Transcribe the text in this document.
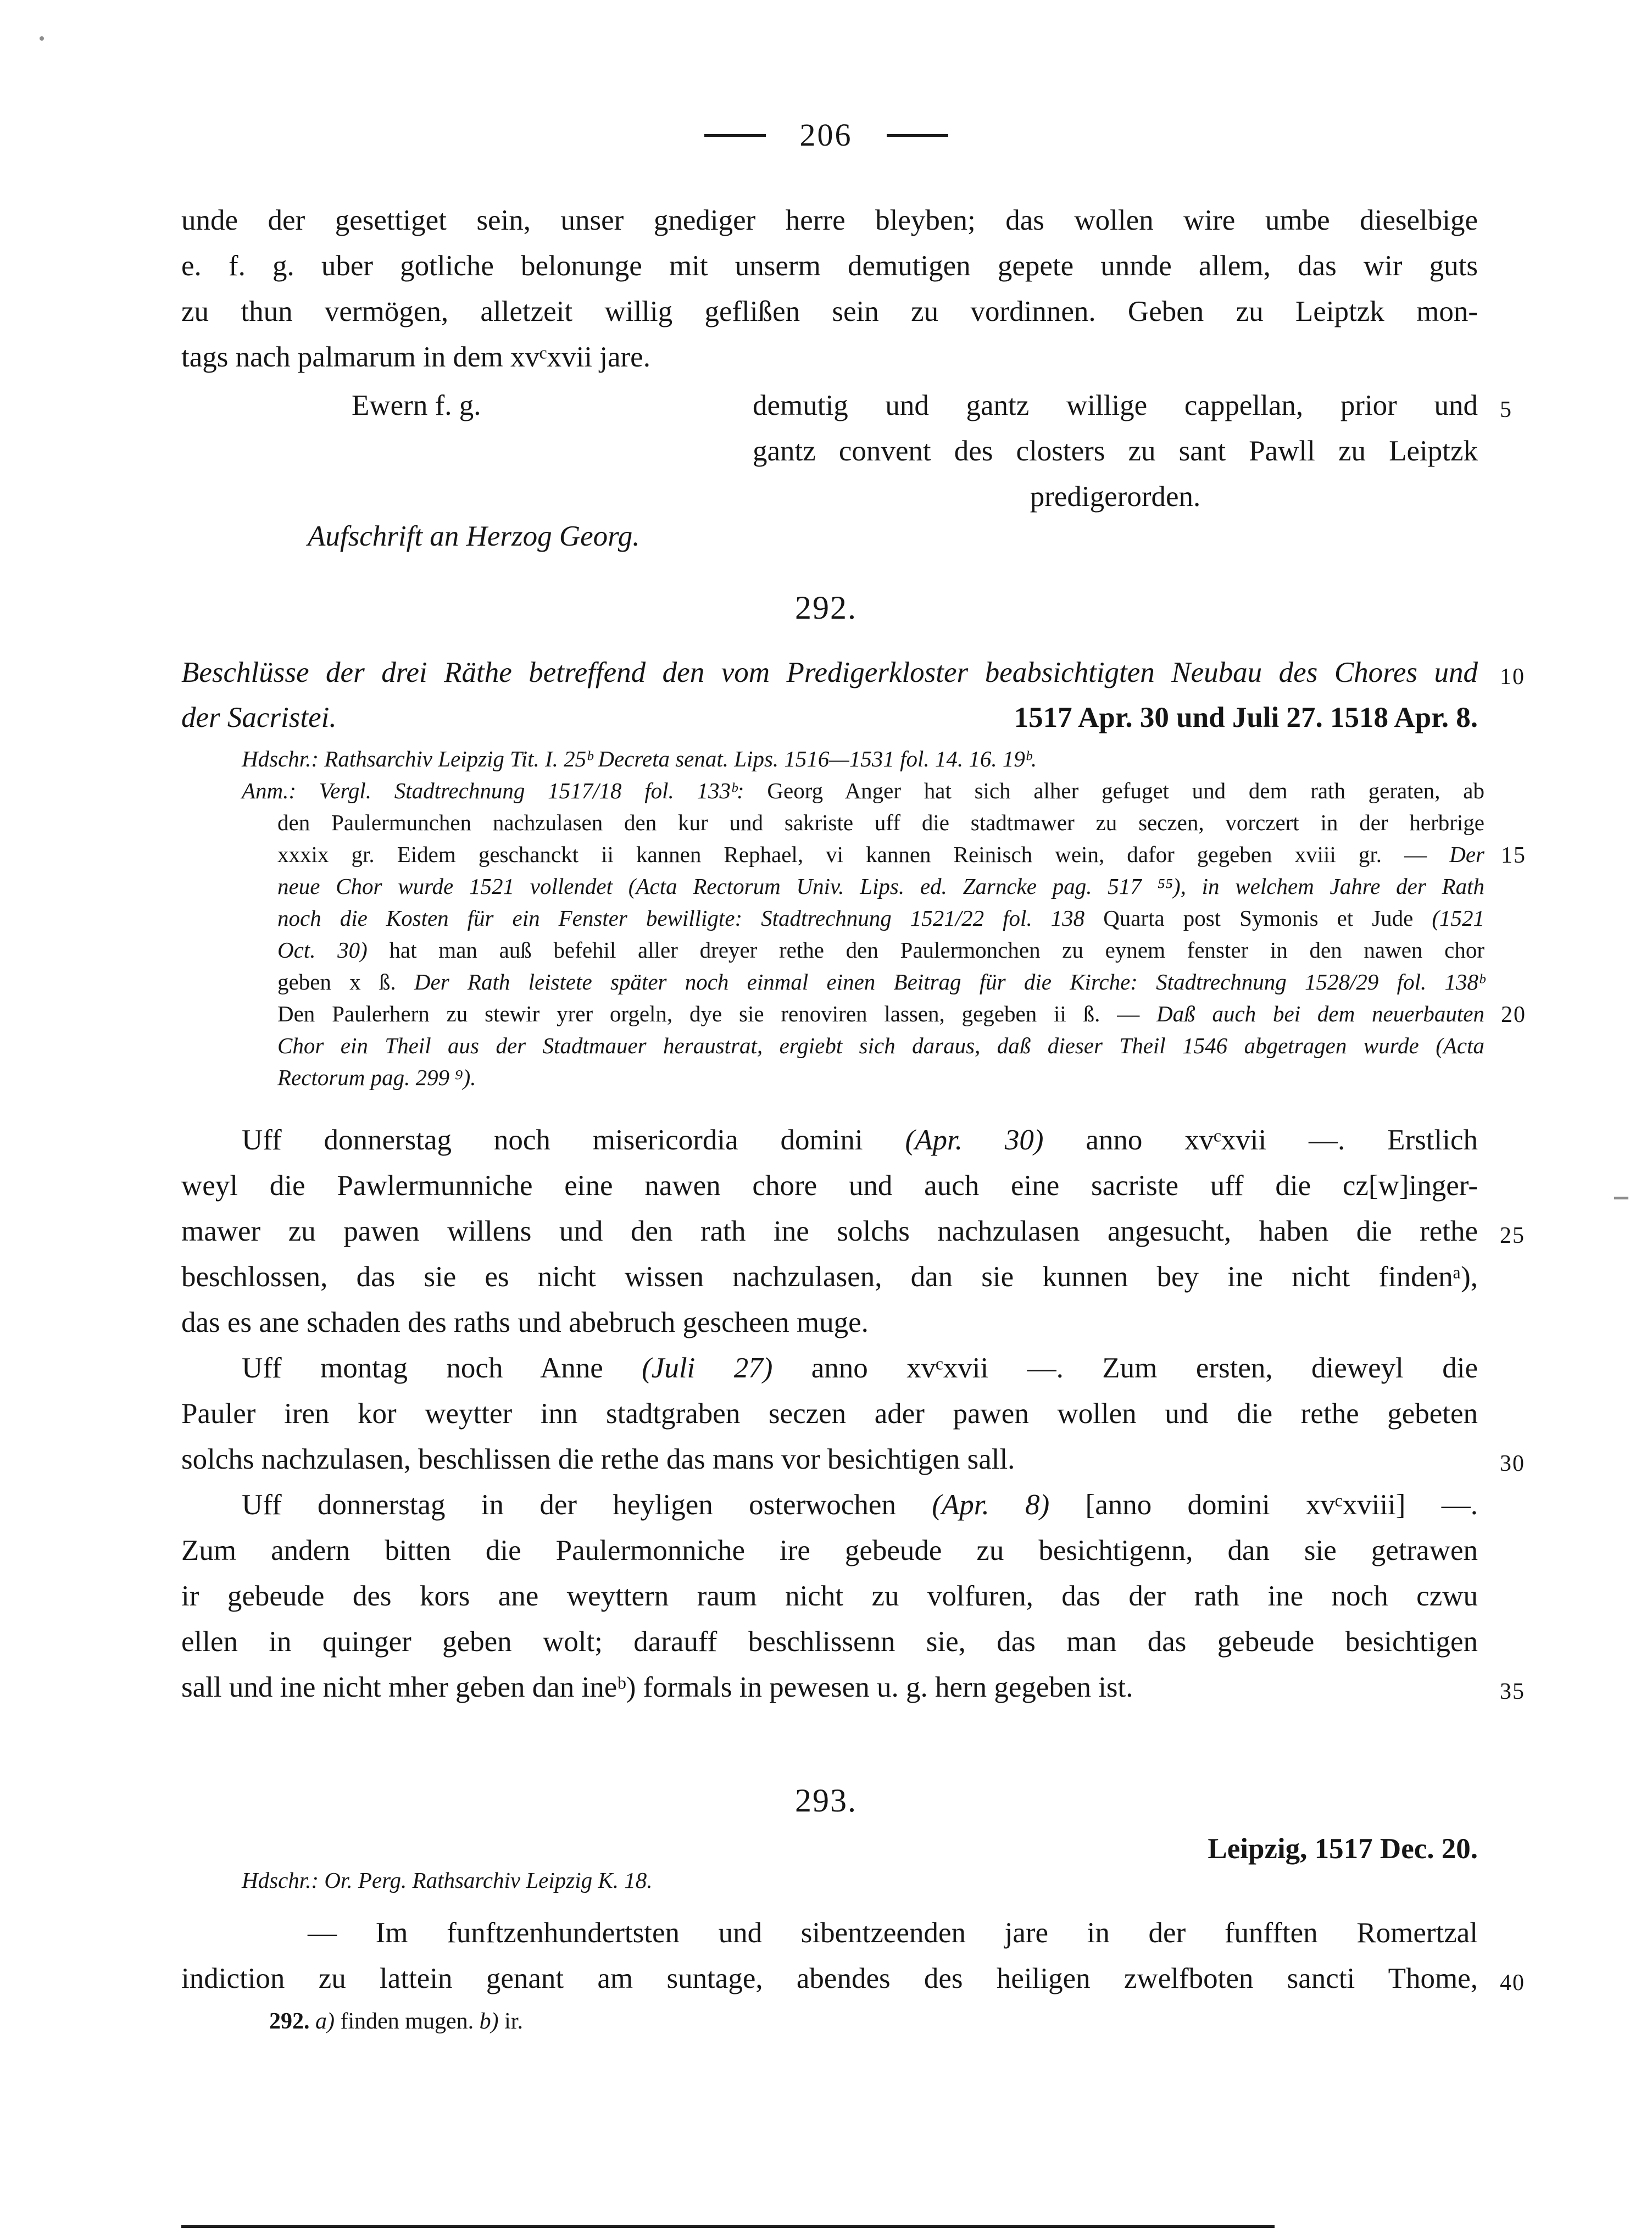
206
unde der gesettiget sein, unser gnediger herre bleyben; das wollen wire umbe dieselbige
e. f. g. uber gotliche belonunge mit unserm demutigen gepete unnde allem, das wir guts
zu thun vermögen, alletzeit willig geflißen sein zu vordinnen. Geben zu Leiptzk mon-
tags nach palmarum in dem xvᶜxvii jare.
Ewern f. g.	demutig und gantz willige cappellan, prior und 5
gantz convent des closters zu sant Pawll zu Leiptzk
predigerorden.
Aufschrift an Herzog Georg.
292.
Beschlüsse der drei Räthe betreffend den vom Predigerkloster beabsichtigten Neubau des Chores und 10
der Sacristei.	1517 Apr. 30 und Juli 27. 1518 Apr. 8.
Hdschr.: Rathsarchiv Leipzig Tit. I. 25ᵇ Decreta senat. Lips. 1516—1531 fol. 14. 16. 19ᵇ.
Anm.: Vergl. Stadtrechnung 1517/18 fol. 133ᵇ: Georg Anger hat sich alher gefuget und dem rath geraten, ab
den Paulermunchen nachzulasen den kur und sakriste uff die stadtmawer zu seczen, vorczert in der herbrige
xxxix gr. Eidem geschanckt ii kannen Rephael, vi kannen Reinisch wein, dafor gegeben xviii gr. — Der 15
neue Chor wurde 1521 vollendet (Acta Rectorum Univ. Lips. ed. Zarncke pag. 517 ⁵⁵), in welchem Jahre der Rath
noch die Kosten für ein Fenster bewilligte: Stadtrechnung 1521/22 fol. 138 Quarta post Symonis et Jude (1521
Oct. 30) hat man auß befehil aller dreyer rethe den Paulermonchen zu eynem fenster in den nawen chor
geben x ß. Der Rath leistete später noch einmal einen Beitrag für die Kirche: Stadtrechnung 1528/29 fol. 138ᵇ
Den Paulerhern zu stewir yrer orgeln, dye sie renoviren lassen, gegeben ii ß. — Daß auch bei dem neuerbauten 20
Chor ein Theil aus der Stadtmauer heraustrat, ergiebt sich daraus, daß dieser Theil 1546 abgetragen wurde (Acta
Rectorum pag. 299 ⁹).
Uff donnerstag noch misericordia domini (Apr. 30) anno xvᶜxvii —. Erstlich
weyl die Pawlermunniche eine nawen chore und auch eine sacriste uff die cz[w]inger-
mawer zu pawen willens und den rath ine solchs nachzulasen angesucht, haben die rethe 25
beschlossen, das sie es nicht wissen nachzulasen, dan sie kunnen bey ine nicht findenᵃ),
das es ane schaden des raths und abebruch gescheen muge.
Uff montag noch Anne (Juli 27) anno xvᶜxvii —. Zum ersten, dieweyl die
Pauler iren kor weytter inn stadtgraben seczen ader pawen wollen und die rethe gebeten
solchs nachzulasen, beschlissen die rethe das mans vor besichtigen sall.	30
Uff donnerstag in der heyligen osterwochen (Apr. 8) [anno domini xvᶜxviii] —.
Zum andern bitten die Paulermonniche ire gebeude zu besichtigenn, dan sie getrawen
ir gebeude des kors ane weyttern raum nicht zu volfuren, das der rath ine noch czwu
ellen in quinger geben wolt; darauff beschlissenn sie, das man das gebeude besichtigen
sall und ine nicht mher geben dan ineᵇ) formals in pewesen u. g. hern gegeben ist.	35
293.
Leipzig, 1517 Dec. 20.
Hdschr.: Or. Perg. Rathsarchiv Leipzig K. 18.
— Im funftzenhundertsten und sibentzeenden jare in der funfften Romertzal
indiction zu lattein genant am suntage, abendes des heiligen zwelfboten sancti Thome, 40
292. a) finden mugen. b) ir.
